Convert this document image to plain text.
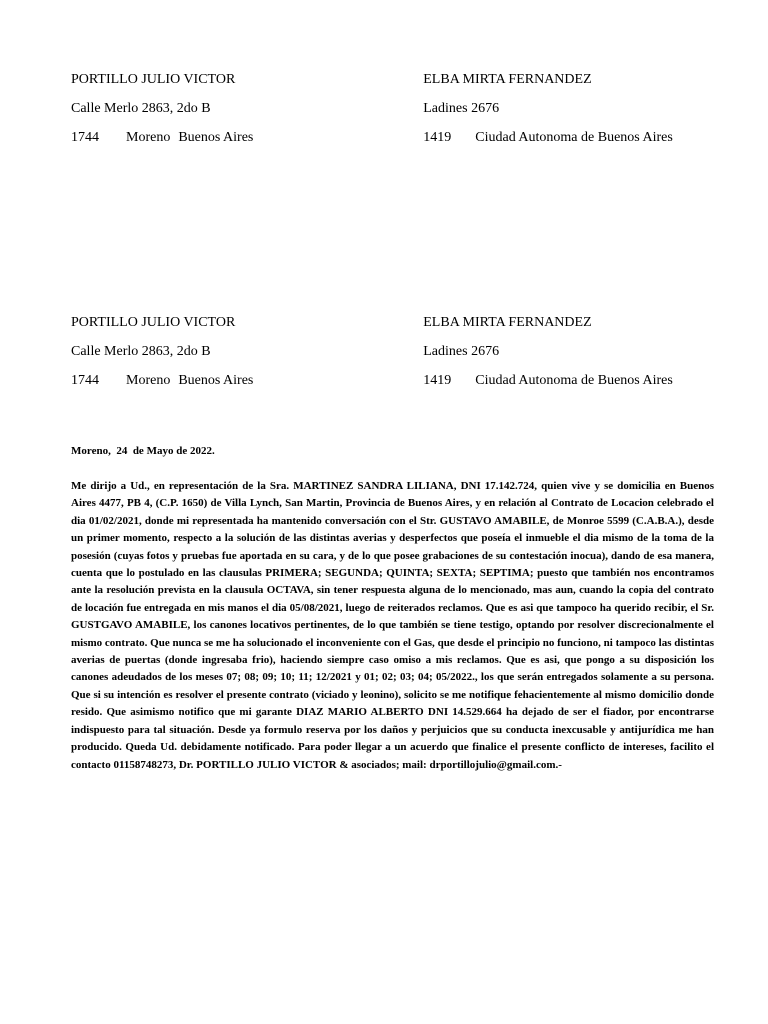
PORTILLO JULIO VICTOR	ELBA MIRTA FERNANDEZ
Calle Merlo 2863, 2do B	Ladines 2676
1744 Moreno Buenos Aires	1419 Ciudad Autonoma de Buenos Aires
PORTILLO JULIO VICTOR	ELBA MIRTA FERNANDEZ
Calle Merlo 2863, 2do B	Ladines 2676
1744 Moreno Buenos Aires	1419 Ciudad Autonoma de Buenos Aires
Moreno,  24  de Mayo de 2022.

Me dirijo a Ud., en representación de la Sra. MARTINEZ SANDRA LILIANA, DNI 17.142.724, quien vive y se domicilia en Buenos Aires 4477, PB 4, (C.P. 1650) de Villa Lynch, San Martin, Provincia de Buenos Aires, y en relación al Contrato de Locacion celebrado el dia 01/02/2021, donde mi representada ha mantenido conversación con el Str. GUSTAVO AMABILE, de Monroe 5599 (C.A.B.A.), desde un primer momento, respecto a la solución de las distintas averias y desperfectos que poseía el inmueble el dia mismo de la toma de la posesión (cuyas fotos y pruebas fue aportada en su cara, y de lo que posee grabaciones de su contestación inocua), dando de esa manera, cuenta que lo postulado en las clausulas PRIMERA; SEGUNDA; QUINTA; SEXTA; SEPTIMA; puesto que también nos encontramos ante la resolución prevista en la clausula OCTAVA, sin tener respuesta alguna de lo mencionado, mas aun, cuando la copia del contrato de locación fue entregada en mis manos el dia 05/08/2021, luego de reiterados reclamos. Que es asi que tampoco ha querido recibir, el Sr. GUSTGAVO AMABILE, los canones locativos pertinentes, de lo que también se tiene testigo, optando por resolver discrecionalmente el mismo contrato. Que nunca se me ha solucionado el inconveniente con el Gas, que desde el principio no funciono, ni tampoco las distintas averias de puertas (donde ingresaba frio), haciendo siempre caso omiso a mis reclamos. Que es asi, que pongo a su disposición los canones adeudados de los meses 07; 08; 09; 10; 11; 12/2021 y 01; 02; 03; 04; 05/2022., los que serán entregados solamente a su persona. Que si su intención es resolver el presente contrato (viciado y leonino), solicito se me notifique fehacientemente al mismo domicilio donde resido. Que asimismo notifico que mi garante DIAZ MARIO ALBERTO DNI 14.529.664 ha dejado de ser el fiador, por encontrarse indispuesto para tal situación. Desde ya formulo reserva por los daños y perjuicios que su conducta inexcusable y antijurídica me han producido. Queda Ud. debidamente notificado. Para poder llegar a un acuerdo que finalice el presente conflicto de intereses, facilito el contacto 01158748273, Dr. PORTILLO JULIO VICTOR & asociados; mail: drportillojulio@gmail.com.-
